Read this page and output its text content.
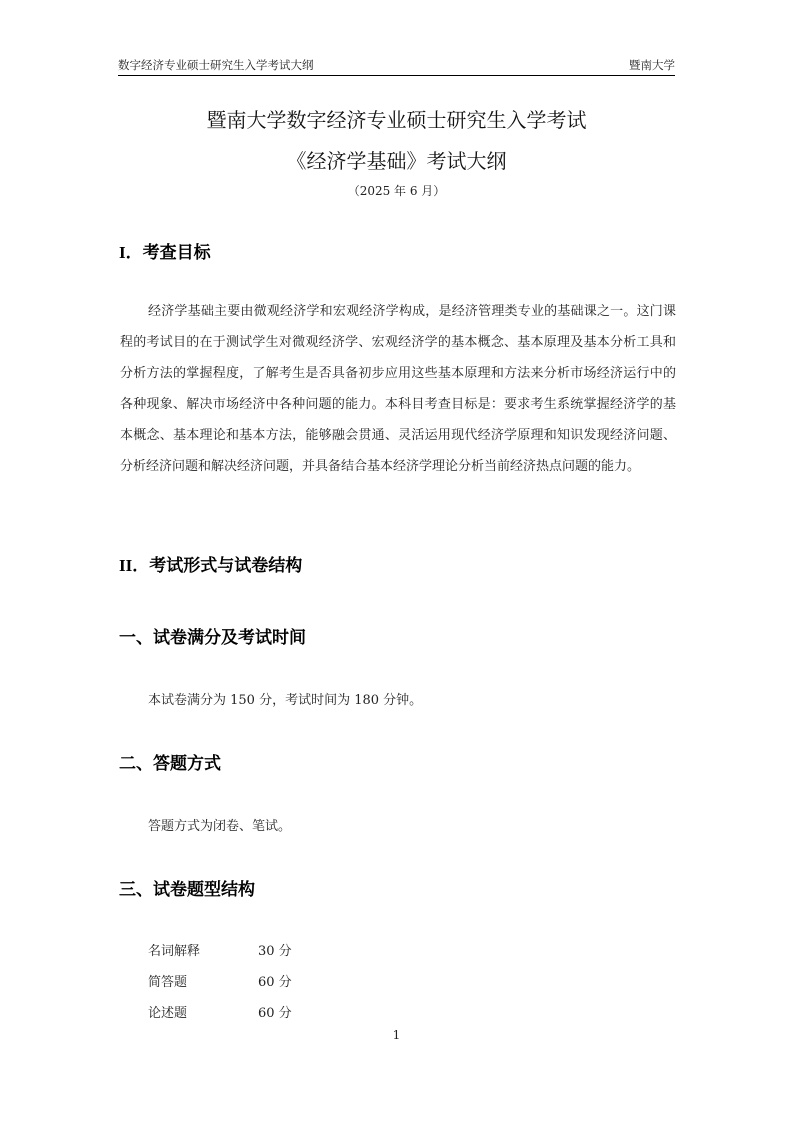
数字经济专业硕士研究生入学考试大纲	暨南大学
暨南大学数字经济专业硕士研究生入学考试
《经济学基础》考试大纲
（2025 年 6 月）
I．考查目标

经济学基础主要由微观经济学和宏观经济学构成，是经济管理类专业的基础课之一。这门课程的考试目的在于测试学生对微观经济学、宏观经济学的基本概念、基本原理及基本分析工具和分析方法的掌握程度，了解考生是否具备初步应用这些基本原理和方法来分析市场经济运行中的各种现象、解决市场经济中各种问题的能力。本科目考查目标是：要求考生系统掌握经济学的基本概念、基本理论和基本方法，能够融会贯通、灵活运用现代经济学原理和知识发现经济问题、分析经济问题和解决经济问题，并具备结合基本经济学理论分析当前经济热点问题的能力。

II．考试形式与试卷结构
一、试卷满分及考试时间
本试卷满分为 150 分，考试时间为 180 分钟。
二、答题方式
答题方式为闭卷、笔试。
三、试卷题型结构
名词解释	30 分
简答题	60 分
论述题	60 分
1
